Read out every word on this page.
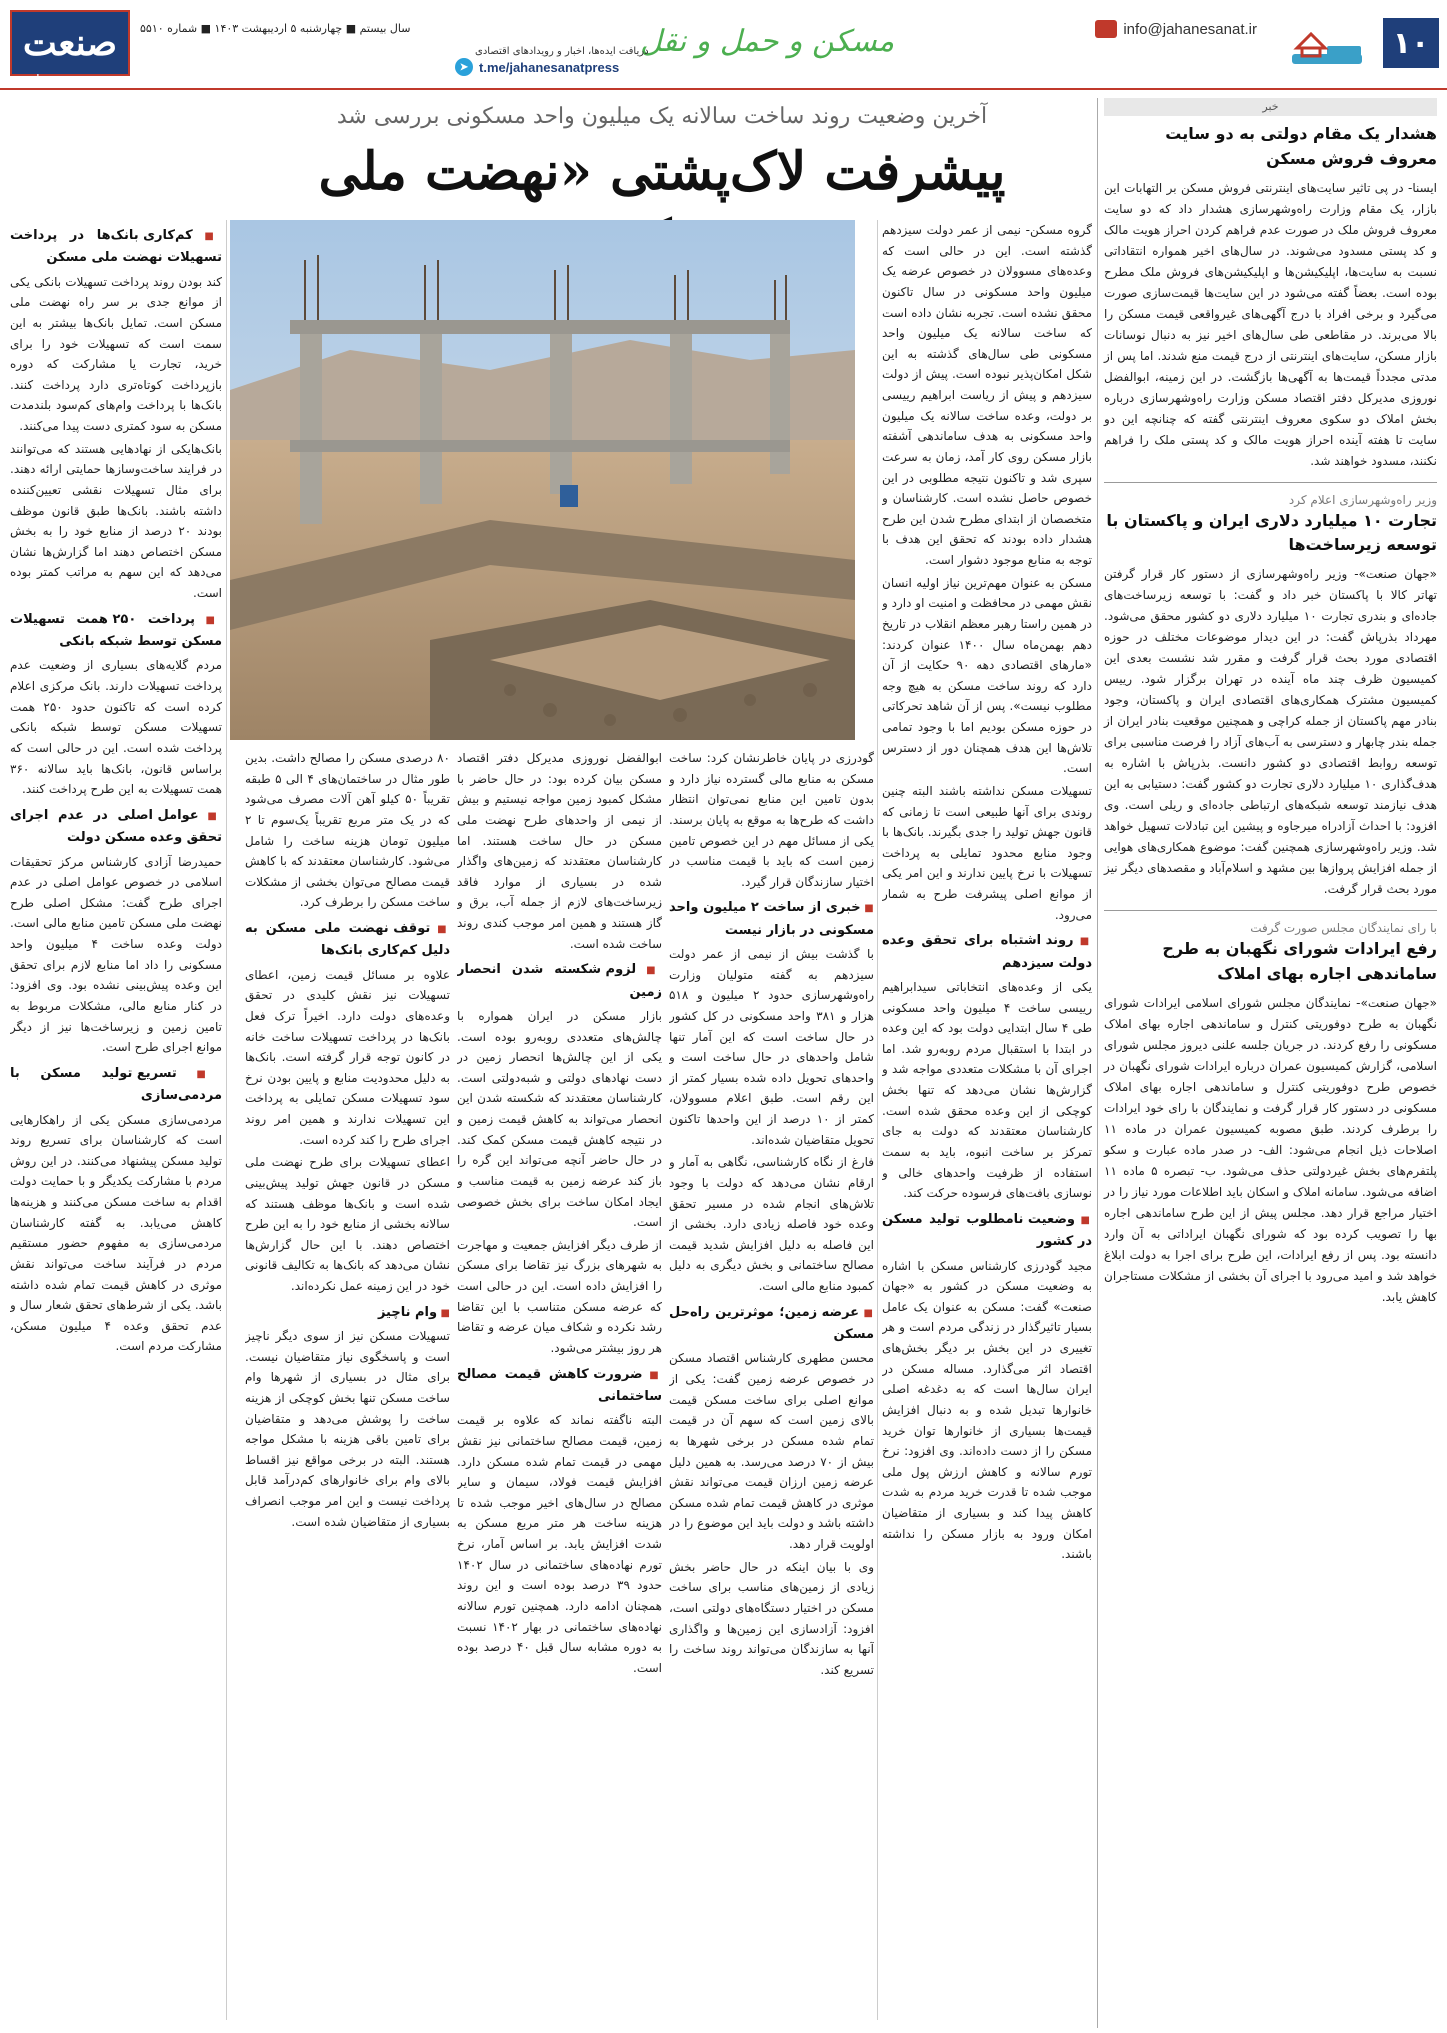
۱۰
info@jahanesanat.ir
مسکن و حمل و نقل
دریافت ایده‌ها، اخبار و رویدادهای اقتصادی
➤ t.me/jahanesanatpress
سال بیستم ■ چهارشنبه ۵ اردیبهشت ۱۴۰۳ ■ شماره ۵۵۱۰
صنعت
جهان
خبر
هشدار یک مقام دولتی به دو سایت معروف فروش مسکن
ایسنا- در پی تاثیر سایت‌های اینترنتی فروش مسکن بر التهابات این بازار، یک مقام وزارت راه‌وشهرسازی هشدار داد که دو سایت معروف فروش ملک در صورت عدم فراهم کردن احراز هویت مالک و کد پستی مسدود می‌شوند. در سال‌های اخیر همواره انتقاداتی نسبت به سایت‌ها، اپلیکیشن‌ها و اپلیکیشن‌های فروش ملک مطرح بوده است. بعضاً گفته می‌شود در این سایت‌ها قیمت‌سازی صورت می‌گیرد و برخی افراد با درج آگهی‌های غیرواقعی قیمت مسکن را بالا می‌برند. در مقاطعی طی سال‌های اخیر نیز به دنبال نوسانات بازار مسکن، سایت‌های اینترنتی از درج قیمت منع شدند. اما پس از مدتی مجدداً قیمت‌ها به آگهی‌ها بازگشت. در این زمینه، ابوالفضل نوروزی مدیرکل دفتر اقتصاد مسکن وزارت راه‌وشهرسازی درباره بخش املاک دو سکوی معروف اینترنتی گفته که چنانچه این دو سایت تا هفته آینده احراز هویت مالک و کد پستی ملک را فراهم نکنند، مسدود خواهند شد.
وزیر راه‌وشهرسازی اعلام کرد
تجارت ۱۰ میلیارد دلاری ایران و پاکستان با توسعه زیرساخت‌ها
«جهان صنعت»- وزیر راه‌وشهرسازی از دستور کار قرار گرفتن تهاتر کالا با پاکستان خبر داد و گفت: با توسعه زیرساخت‌های جاده‌ای و بندری تجارت ۱۰ میلیارد دلاری دو کشور محقق می‌شود. مهرداد بذرپاش گفت: در این دیدار موضوعات مختلف در حوزه اقتصادی مورد بحث قرار گرفت و مقرر شد نشست بعدی این کمیسیون ظرف چند ماه آینده در تهران برگزار شود. رییس کمیسیون مشترک همکاری‌های اقتصادی ایران و پاکستان، وجود بنادر مهم پاکستان از جمله کراچی و همچنین موقعیت بنادر ایران از جمله بندر چابهار و دسترسی به آب‌های آزاد را فرصت مناسبی برای توسعه روابط اقتصادی دو کشور دانست. بذرپاش با اشاره به هدف‌گذاری ۱۰ میلیارد دلاری تجارت دو کشور گفت: دستیابی به این هدف نیازمند توسعه شبکه‌های ارتباطی جاده‌ای و ریلی است. وی افزود: با احداث آزادراه میرجاوه و پیشین این تبادلات تسهیل خواهد شد. وزیر راه‌وشهرسازی همچنین گفت: موضوع همکاری‌های هوایی از جمله افزایش پروازها بین مشهد و اسلام‌آباد و مقصدهای دیگر نیز مورد بحث قرار گرفت.
با رای نمایندگان مجلس صورت گرفت
رفع ایرادات شورای نگهبان به طرح ساماندهی اجاره بهای املاک
«جهان صنعت»- نمایندگان مجلس شورای اسلامی ایرادات شورای نگهبان به طرح دوفوریتی کنترل و ساماندهی اجاره بهای املاک مسکونی را رفع کردند. در جریان جلسه علنی دیروز مجلس شورای اسلامی، گزارش کمیسیون عمران درباره ایرادات شورای نگهبان در خصوص طرح دوفوریتی کنترل و ساماندهی اجاره بهای املاک مسکونی در دستور کار قرار گرفت و نمایندگان با رای خود ایرادات را برطرف کردند. طبق مصوبه کمیسیون عمران در ماده ۱۱ اصلاحات ذیل انجام می‌شود: الف- در صدر ماده عبارت و سکو پلتفرم‌های بخش غیردولتی حذف می‌شود. ب- تبصره ۵ ماده ۱۱ اضافه می‌شود. سامانه املاک و اسکان باید اطلاعات مورد نیاز را در اختیار مراجع قرار دهد. مجلس پیش از این طرح ساماندهی اجاره بها را تصویب کرده بود که شورای نگهبان ایراداتی به آن وارد دانسته بود. پس از رفع ایرادات، این طرح برای اجرا به دولت ابلاغ خواهد شد و امید می‌رود با اجرای آن بخشی از مشکلات مستاجران کاهش یابد.
آخرین وضعیت روند ساخت سالانه یک میلیون واحد مسکونی بررسی شد
پیشرفت لاک‌پشتی «نهضت ملی

گروه مسکن- نیمی از عمر دولت سیزدهم گذشته است. این در حالی است که وعده‌های مسوولان در خصوص عرضه یک میلیون واحد مسکونی در سال تاکنون محقق نشده است. تجربه نشان داده است که ساخت سالانه یک میلیون واحد مسکونی طی سال‌های گذشته به این شکل امکان‌پذیر نبوده است. پیش از دولت سیزدهم و پیش از ریاست ابراهیم رییسی بر دولت، وعده ساخت سالانه یک میلیون واحد مسکونی به هدف ساماندهی آشفته بازار مسکن روی کار آمد، زمان به سرعت سپری شد و تاکنون نتیجه مطلوبی در این خصوص حاصل نشده است. کارشناسان و متخصصان از ابتدای مطرح شدن این طرح هشدار داده بودند که تحقق این هدف با توجه به منابع موجود دشوار است.

مسکن به عنوان مهم‌ترین نیاز اولیه انسان نقش مهمی در محافظت و امنیت او دارد و در همین راستا رهبر معظم انقلاب در تاریخ دهم بهمن‌ماه سال ۱۴۰۰ عنوان کردند: «مارهای اقتصادی دهه ۹۰ حکایت از آن دارد که روند ساخت مسکن به هیچ وجه مطلوب نیست». پس از آن شاهد تحرکاتی در حوزه مسکن بودیم اما با وجود تمامی تلاش‌ها این هدف همچنان دور از دسترس است.

تسهیلات مسکن نداشته باشند البته چنین روندی برای آنها طبیعی است تا زمانی که قانون جهش تولید را جدی بگیرند. بانک‌ها با وجود منابع محدود تمایلی به پرداخت تسهیلات با نرخ پایین ندارند و این امر یکی از موانع اصلی پیشرفت طرح به شمار می‌رود.

■ روند اشتباه برای تحقق وعده دولت سیزدهم

یکی از وعده‌های انتخاباتی سیدابراهیم رییسی ساخت ۴ میلیون واحد مسکونی طی ۴ سال ابتدایی دولت بود که این وعده در ابتدا با استقبال مردم روبه‌رو شد. اما اجرای آن با مشکلات متعددی مواجه شد و گزارش‌ها نشان می‌دهد که تنها بخش کوچکی از این وعده محقق شده است. کارشناسان معتقدند که دولت به جای تمرکز بر ساخت انبوه، باید به سمت استفاده از ظرفیت واحدهای خالی و نوسازی بافت‌های فرسوده حرکت کند.

■ وضعیت نامطلوب تولید مسکن در کشور

مجید گودرزی کارشناس مسکن با اشاره به وضعیت مسکن در کشور به «جهان صنعت» گفت: مسکن به عنوان یک عامل بسیار تاثیرگذار در زندگی مردم است و هر تغییری در این بخش بر دیگر بخش‌های اقتصاد اثر می‌گذارد. مساله مسکن در ایران سال‌ها است که به دغدغه اصلی خانوارها تبدیل شده و به دنبال افزایش قیمت‌ها بسیاری از خانوارها توان خرید مسکن را از دست داده‌اند. وی افزود: نرخ تورم سالانه و کاهش ارزش پول ملی موجب شده تا قدرت خرید مردم به شدت کاهش پیدا کند و بسیاری از متقاضیان امکان ورود به بازار مسکن را نداشته باشند.

گودرزی در پایان خاطرنشان کرد: ساخت مسکن به منابع مالی گسترده نیاز دارد و بدون تامین این منابع نمی‌توان انتظار داشت که طرح‌ها به موقع به پایان برسند. یکی از مسائل مهم در این خصوص تامین زمین است که باید با قیمت مناسب در اختیار سازندگان قرار گیرد.

■ خبری از ساخت ۲ میلیون واحد مسکونی در بازار نیست

با گذشت بیش از نیمی از عمر دولت سیزدهم به گفته متولیان وزارت راه‌وشهرسازی حدود ۲ میلیون و ۵۱۸ هزار و ۳۸۱ واحد مسکونی در کل کشور در حال ساخت است که این آمار تنها شامل واحدهای در حال ساخت است و واحدهای تحویل داده شده بسیار کمتر از این رقم است. طبق اعلام مسوولان، کمتر از ۱۰ درصد از این واحدها تاکنون تحویل متقاضیان شده‌اند.

فارغ از نگاه کارشناسی، نگاهی به آمار و ارقام نشان می‌دهد که دولت با وجود تلاش‌های انجام شده در مسیر تحقق وعده خود فاصله زیادی دارد. بخشی از این فاصله به دلیل افزایش شدید قیمت مصالح ساختمانی و بخش دیگری به دلیل کمبود منابع مالی است.

■ عرضه زمین؛ موثرترین راه‌حل مسکن

محسن مطهری کارشناس اقتصاد مسکن در خصوص عرضه زمین گفت: یکی از موانع اصلی برای ساخت مسکن قیمت بالای زمین است که سهم آن در قیمت تمام شده مسکن در برخی شهرها به بیش از ۷۰ درصد می‌رسد. به همین دلیل عرضه زمین ارزان قیمت می‌تواند نقش موثری در کاهش قیمت تمام شده مسکن داشته باشد و دولت باید این موضوع را در اولویت قرار دهد.

وی با بیان اینکه در حال حاضر بخش زیادی از زمین‌های مناسب برای ساخت مسکن در اختیار دستگاه‌های دولتی است، افزود: آزادسازی این زمین‌ها و واگذاری آنها به سازندگان می‌تواند روند ساخت را تسریع کند.

ابوالفضل نوروزی مدیرکل دفتر اقتصاد مسکن بیان کرده بود: در حال حاضر با مشکل کمبود زمین مواجه نیستیم و بیش از نیمی از واحدهای طرح نهضت ملی مسکن در حال ساخت هستند. اما کارشناسان معتقدند که زمین‌های واگذار شده در بسیاری از موارد فاقد زیرساخت‌های لازم از جمله آب، برق و گاز هستند و همین امر موجب کندی روند ساخت شده است.

■ لزوم شکسته شدن انحصار زمین

بازار مسکن در ایران همواره با چالش‌های متعددی روبه‌رو بوده است. یکی از این چالش‌ها انحصار زمین در دست نهادهای دولتی و شبه‌دولتی است. کارشناسان معتقدند که شکسته شدن این انحصار می‌تواند به کاهش قیمت زمین و در نتیجه کاهش قیمت مسکن کمک کند. در حال حاضر آنچه می‌تواند این گره را باز کند عرضه زمین به قیمت مناسب و ایجاد امکان ساخت برای بخش خصوصی است.

از طرف دیگر افزایش جمعیت و مهاجرت به شهرهای بزرگ نیز تقاضا برای مسکن را افزایش داده است. این در حالی است که عرضه مسکن متناسب با این تقاضا رشد نکرده و شکاف میان عرضه و تقاضا هر روز بیشتر می‌شود.

■ ضرورت کاهش قیمت مصالح ساختمانی

البته ناگفته نماند که علاوه بر قیمت زمین، قیمت مصالح ساختمانی نیز نقش مهمی در قیمت تمام شده مسکن دارد. افزایش قیمت فولاد، سیمان و سایر مصالح در سال‌های اخیر موجب شده تا هزینه ساخت هر متر مربع مسکن به شدت افزایش یابد. بر اساس آمار، نرخ تورم نهاده‌های ساختمانی در سال ۱۴۰۲ حدود ۳۹ درصد بوده است و این روند همچنان ادامه دارد. همچنین تورم سالانه نهاده‌های ساختمانی در بهار ۱۴۰۲ نسبت به دوره مشابه سال قبل ۴۰ درصد بوده است.

۸۰ درصدی مسکن را مصالح داشت. بدین طور مثال در ساختمان‌های ۴ الی ۵ طبقه تقریباً ۵۰ کیلو آهن آلات مصرف می‌شود که در یک متر مربع تقریباً یک‌سوم تا ۲ میلیون تومان هزینه ساخت را شامل می‌شود. کارشناسان معتقدند که با کاهش قیمت مصالح می‌توان بخشی از مشکلات ساخت مسکن را برطرف کرد.

■ توقف نهضت ملی مسکن به دلیل کم‌کاری بانک‌ها

علاوه بر مسائل قیمت زمین، اعطای تسهیلات نیز نقش کلیدی در تحقق وعده‌های دولت دارد. اخیراً ترک فعل بانک‌ها در پرداخت تسهیلات ساخت خانه در کانون توجه قرار گرفته است. بانک‌ها به دلیل محدودیت منابع و پایین بودن نرخ سود تسهیلات مسکن تمایلی به پرداخت این تسهیلات ندارند و همین امر روند اجرای طرح را کند کرده است.

اعطای تسهیلات برای طرح نهضت ملی مسکن در قانون جهش تولید پیش‌بینی شده است و بانک‌ها موظف هستند که سالانه بخشی از منابع خود را به این طرح اختصاص دهند. با این حال گزارش‌ها نشان می‌دهد که بانک‌ها به تکالیف قانونی خود در این زمینه عمل نکرده‌اند.

■ وام ناچیز

تسهیلات مسکن نیز از سوی دیگر ناچیز است و پاسخگوی نیاز متقاضیان نیست. برای مثال در بسیاری از شهرها وام ساخت مسکن تنها بخش کوچکی از هزینه ساخت را پوشش می‌دهد و متقاضیان برای تامین باقی هزینه با مشکل مواجه هستند. البته در برخی مواقع نیز اقساط بالای وام برای خانوارهای کم‌درآمد قابل پرداخت نیست و این امر موجب انصراف بسیاری از متقاضیان شده است.

■ کم‌کاری بانک‌ها در پرداخت تسهیلات نهضت ملی مسکن

کند بودن روند پرداخت تسهیلات بانکی یکی از موانع جدی بر سر راه نهضت ملی مسکن است. تمایل بانک‌ها بیشتر به این سمت است که تسهیلات خود را برای خرید، تجارت یا مشارکت که دوره بازپرداخت کوتاه‌تری دارد پرداخت کنند. بانک‌ها با پرداخت وام‌های کم‌سود بلندمدت مسکن به سود کمتری دست پیدا می‌کنند.

بانک‌هایکی از نهادهایی هستند که می‌توانند در فرایند ساخت‌وسازها حمایتی ارائه دهند. برای مثال تسهیلات نقشی تعیین‌کننده داشته باشند. بانک‌ها طبق قانون موظف بودند ۲۰ درصد از منابع خود را به بخش مسکن اختصاص دهند اما گزارش‌ها نشان می‌دهد که این سهم به مراتب کمتر بوده است.

■ پرداخت ۲۵۰ همت تسهیلات مسکن توسط شبکه بانکی

مردم گلایه‌های بسیاری از وضعیت عدم پرداخت تسهیلات دارند. بانک مرکزی اعلام کرده است که تاکنون حدود ۲۵۰ همت تسهیلات مسکن توسط شبکه بانکی پرداخت شده است. این در حالی است که براساس قانون، بانک‌ها باید سالانه ۳۶۰ همت تسهیلات به این طرح پرداخت کنند.

■ عوامل اصلی در عدم اجرای تحقق وعده مسکن دولت

حمیدرضا آزادی کارشناس مرکز تحقیقات اسلامی در خصوص عوامل اصلی در عدم اجرای طرح گفت: مشکل اصلی طرح نهضت ملی مسکن تامین منابع مالی است. دولت وعده ساخت ۴ میلیون واحد مسکونی را داد اما منابع لازم برای تحقق این وعده پیش‌بینی نشده بود. وی افزود: در کنار منابع مالی، مشکلات مربوط به تامین زمین و زیرساخت‌ها نیز از دیگر موانع اجرای طرح است.

■ تسریع تولید مسکن با مردمی‌سازی

مردمی‌سازی مسکن یکی از راهکارهایی است که کارشناسان برای تسریع روند تولید مسکن پیشنهاد می‌کنند. در این روش مردم با مشارکت یکدیگر و با حمایت دولت اقدام به ساخت مسکن می‌کنند و هزینه‌ها کاهش می‌یابد. به گفته کارشناسان مردمی‌سازی به مفهوم حضور مستقیم مردم در فرآیند ساخت می‌تواند نقش موثری در کاهش قیمت تمام شده داشته باشد. یکی از شرط‌های تحقق شعار سال و عدم تحقق وعده ۴ میلیون مسکن، مشارکت مردم است.
